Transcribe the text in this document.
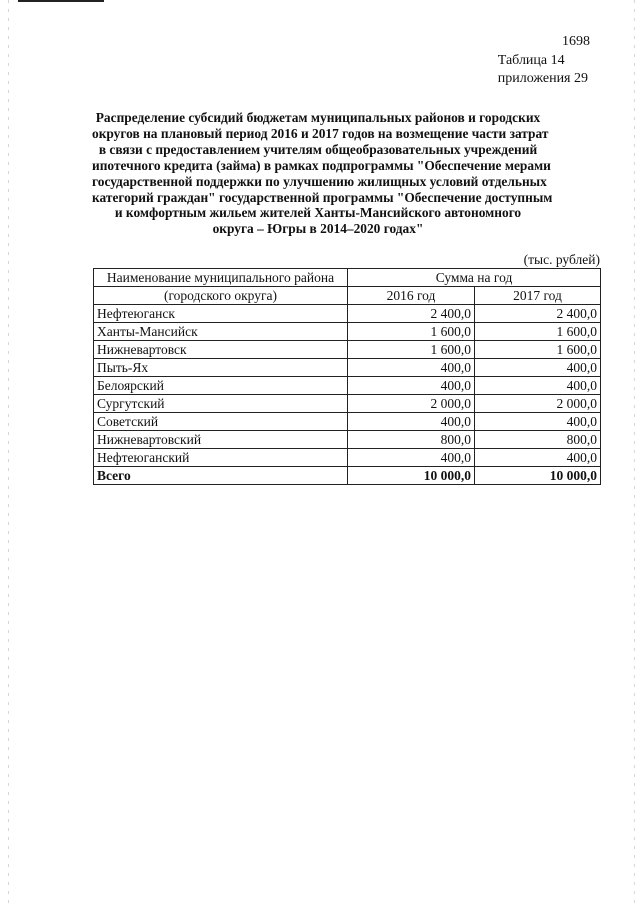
1698
Таблица 14
приложения 29
Распределение субсидий бюджетам муниципальных районов и городских
округов на плановый период 2016 и 2017 годов на возмещение части затрат
в связи с предоставлением учителям общеобразовательных учреждений
ипотечного кредита (займа) в рамках подпрограммы "Обеспечение мерами
государственной поддержки по улучшению жилищных условий отдельных
категорий граждан" государственной программы "Обеспечение доступным
и комфортным жильем жителей Ханты-Мансийского автономного
округа – Югры в 2014–2020 годах"
(тыс. рублей)
Наименование муниципального района	Сумма на год	
(городского округа)	2016 год	2017 год
Нефтеюганск	2 400,0	2 400,0
Ханты-Мансийск	1 600,0	1 600,0
Нижневартовск	1 600,0	1 600,0
Пыть-Ях	400,0	400,0
Белоярский	400,0	400,0
Сургутский	2 000,0	2 000,0
Советский	400,0	400,0
Нижневартовский	800,0	800,0
Нефтеюганский	400,0	400,0
Всего	10 000,0	10 000,0
